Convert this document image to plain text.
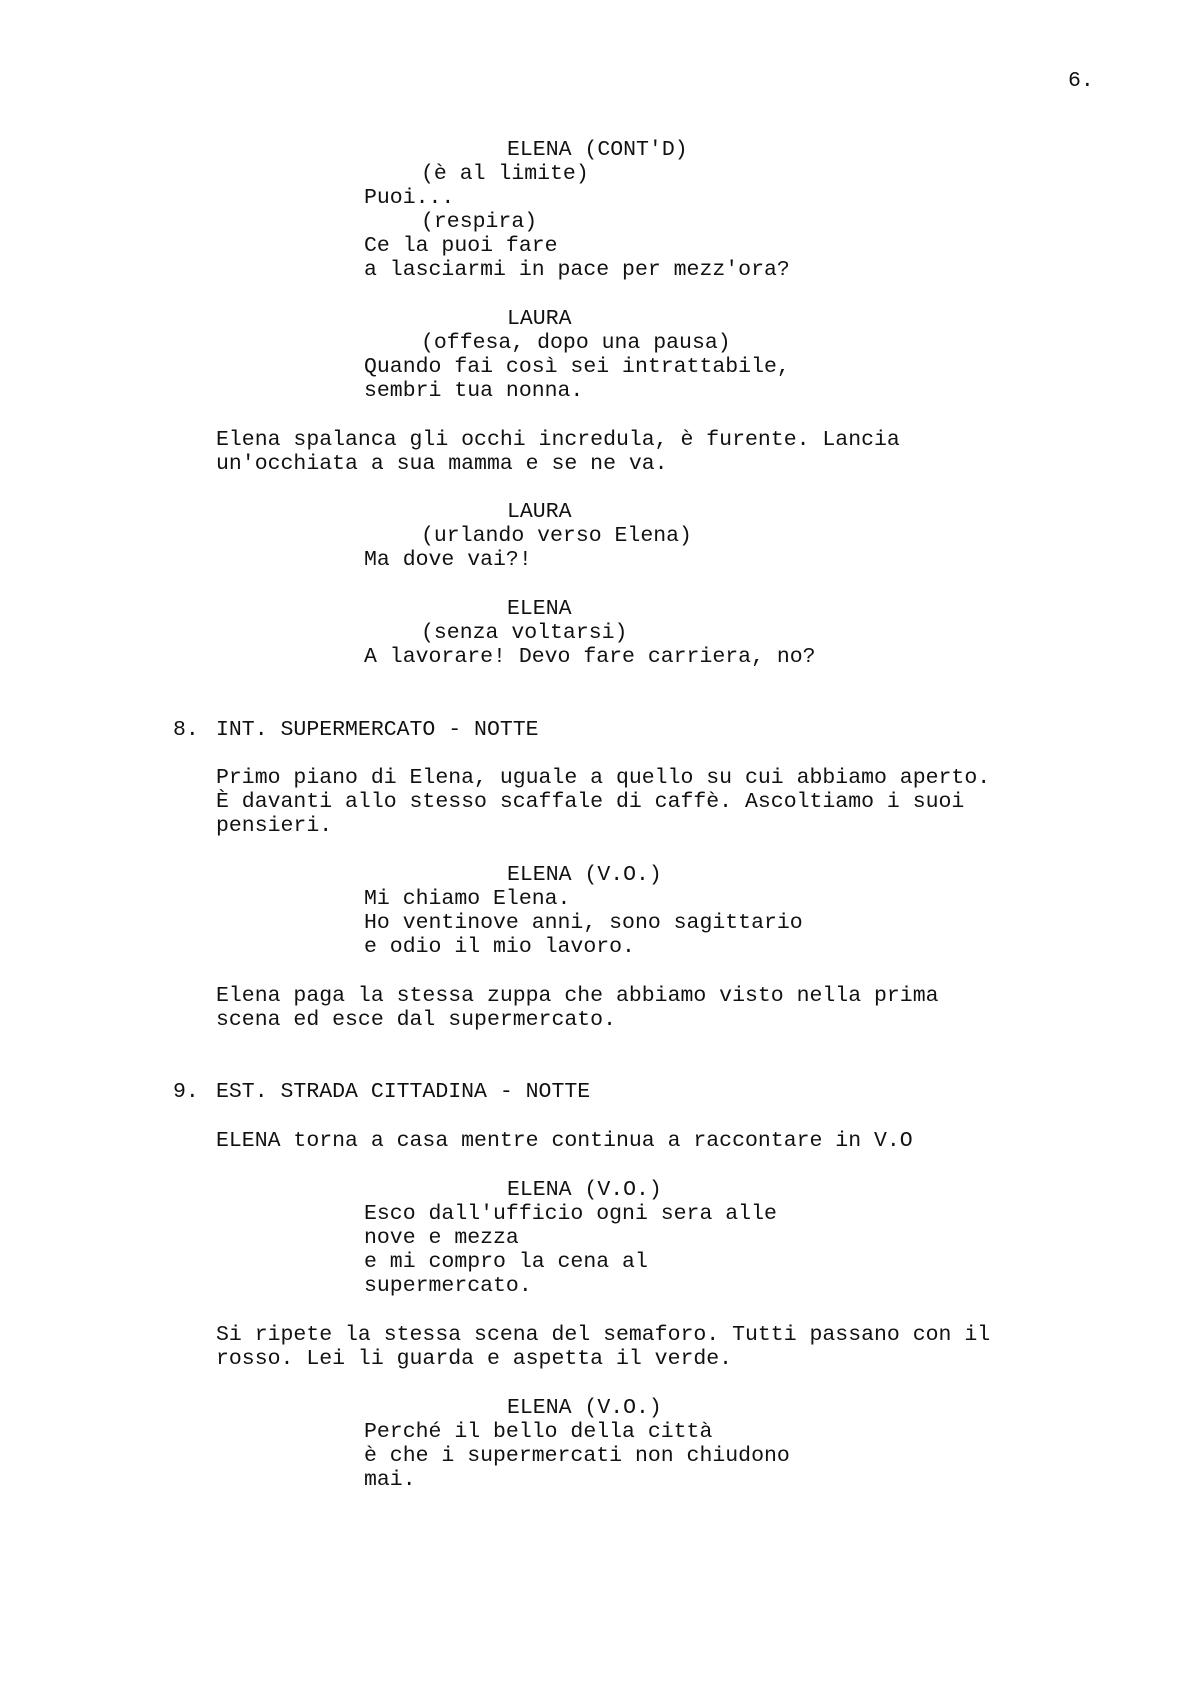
6.
ELENA (CONT'D)
(è al limite)
Puoi...
(respira)
Ce la puoi fare
a lasciarmi in pace per mezz'ora?
LAURA
(offesa, dopo una pausa)
Quando fai così sei intrattabile,
sembri tua nonna.
Elena spalanca gli occhi incredula, è furente. Lancia
un'occhiata a sua mamma e se ne va.
LAURA
(urlando verso Elena)
Ma dove vai?!
ELENA
(senza voltarsi)
A lavorare! Devo fare carriera, no?
8. INT. SUPERMERCATO - NOTTE
Primo piano di Elena, uguale a quello su cui abbiamo aperto.
È davanti allo stesso scaffale di caffè. Ascoltiamo i suoi
pensieri.
ELENA (V.O.)
Mi chiamo Elena.
Ho ventinove anni, sono sagittario
e odio il mio lavoro.
Elena paga la stessa zuppa che abbiamo visto nella prima
scena ed esce dal supermercato.
9. EST. STRADA CITTADINA - NOTTE
ELENA torna a casa mentre continua a raccontare in V.O
ELENA (V.O.)
Esco dall'ufficio ogni sera alle
nove e mezza
e mi compro la cena al
supermercato.
Si ripete la stessa scena del semaforo. Tutti passano con il
rosso. Lei li guarda e aspetta il verde.
ELENA (V.O.)
Perché il bello della città
è che i supermercati non chiudono
mai.
